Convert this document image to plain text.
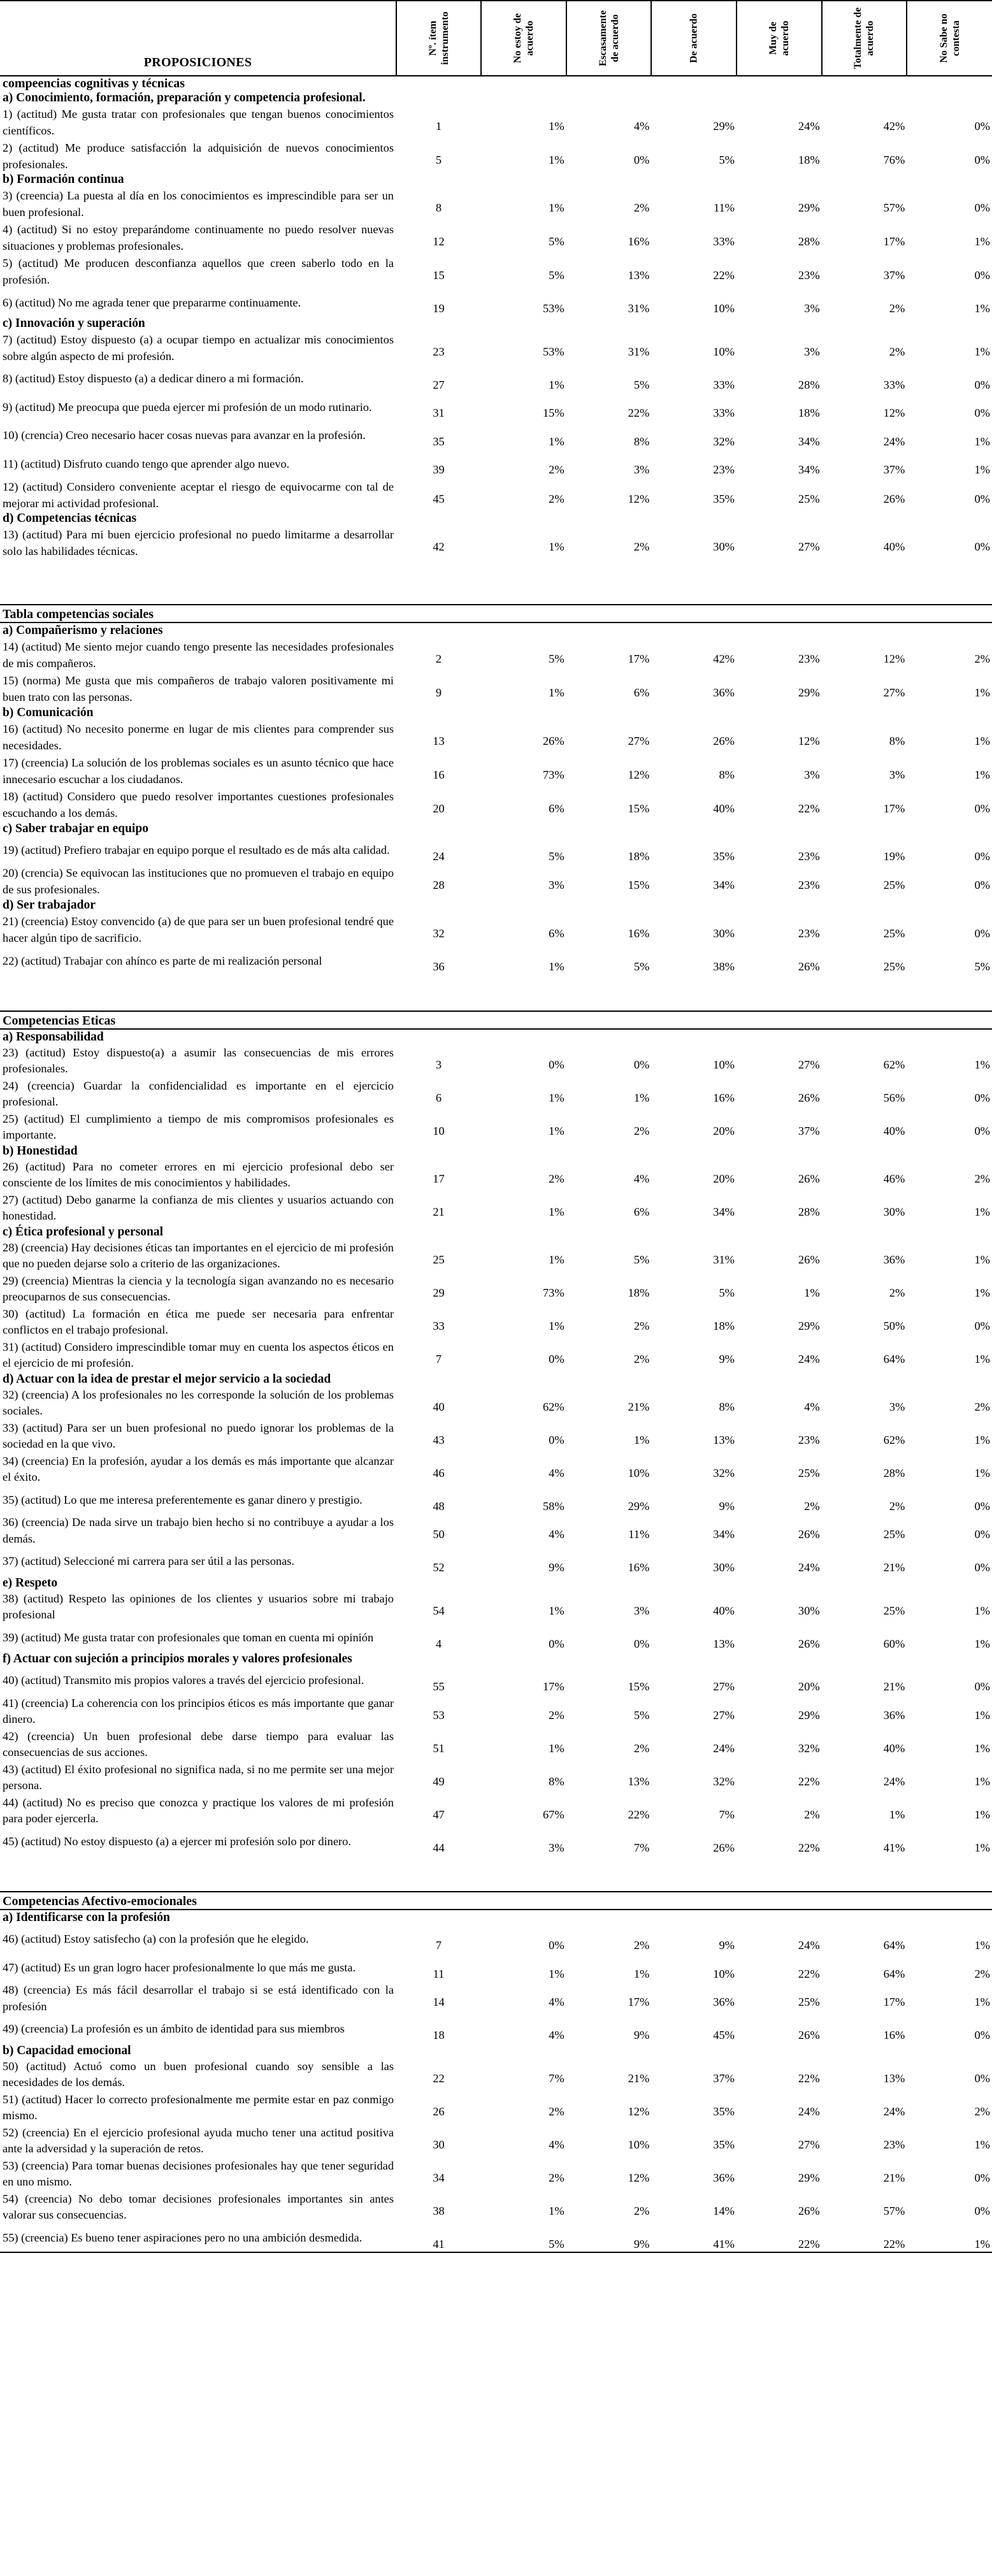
PROPOSICIONES	Nº. ítem instrumento	No estoy de acuerdo	Escasamente de acuerdo	De acuerdo	Muy de acuerdo	Totalmente de acuerdo	No Sabe no contesta

compeencias cognitivas y técnicas							
a) Conocimiento, formación, preparación y competencia profesional.							
1) (actitud) Me gusta tratar con profesionales que tengan buenos conocimientos científicos.	1	1%	4%	29%	24%	42%	0%
2) (actitud) Me produce satisfacción la adquisición de nuevos conocimientos profesionales.	5	1%	0%	5%	18%	76%	0%
b) Formación continua							
3) (creencia) La puesta al día en los conocimientos es imprescindible para ser un buen profesional.	8	1%	2%	11%	29%	57%	0%
4) (actitud) Si no estoy preparándome continuamente no puedo resolver nuevas situaciones y problemas profesionales.	12	5%	16%	33%	28%	17%	1%
5) (actitud) Me producen desconfianza aquellos que creen saberlo todo en la profesión.	15	5%	13%	22%	23%	37%	0%
6) (actitud) No me agrada tener que prepararme continuamente.	19	53%	31%	10%	3%	2%	1%
c) Innovación y superación							
7) (actitud) Estoy dispuesto (a) a ocupar tiempo en actualizar mis conocimientos sobre algún aspecto de mi profesión.	23	53%	31%	10%	3%	2%	1%
8) (actitud) Estoy dispuesto (a) a dedicar dinero a mi formación.	27	1%	5%	33%	28%	33%	0%
9) (actitud) Me preocupa que pueda ejercer mi profesión de un modo rutinario.	31	15%	22%	33%	18%	12%	0%
10) (crencia) Creo necesario hacer cosas nuevas para avanzar en la profesión.	35	1%	8%	32%	34%	24%	1%
11) (actitud) Disfruto cuando tengo que aprender algo nuevo.	39	2%	3%	23%	34%	37%	1%
12) (actitud) Considero conveniente aceptar el riesgo de equivocarme con tal de mejorar mi actividad profesional.	45	2%	12%	35%	25%	26%	0%
d) Competencias técnicas							
13) (actitud) Para mi buen ejercicio profesional no puedo limitarme a desarrollar solo las habilidades técnicas.	42	1%	2%	30%	27%	40%	0%

Tabla competencias sociales							
a) Compañerismo y relaciones							
14) (actitud) Me siento mejor cuando tengo presente las necesidades profesionales de mis compañeros.	2	5%	17%	42%	23%	12%	2%
15) (norma) Me gusta que mis compañeros de trabajo valoren positivamente mi buen trato con las personas.	9	1%	6%	36%	29%	27%	1%
b) Comunicación							
16) (actitud) No necesito ponerme en lugar de mis clientes para comprender sus necesidades.	13	26%	27%	26%	12%	8%	1%
17) (creencia) La solución de los problemas sociales es un asunto técnico que hace innecesario escuchar a los ciudadanos.	16	73%	12%	8%	3%	3%	1%
18) (actitud) Considero que puedo resolver importantes cuestiones profesionales escuchando a los demás.	20	6%	15%	40%	22%	17%	0%
c) Saber trabajar en equipo							
19) (actitud) Prefiero trabajar en equipo porque el resultado es de más alta calidad.	24	5%	18%	35%	23%	19%	0%
20) (crencia) Se equivocan las instituciones que no promueven el trabajo en equipo de sus profesionales.	28	3%	15%	34%	23%	25%	0%
d) Ser trabajador							
21) (creencia) Estoy convencido (a) de que para ser un buen profesional tendré que hacer algún tipo de sacrificio.	32	6%	16%	30%	23%	25%	0%
22) (actitud) Trabajar con ahínco es parte de mi realización personal	36	1%	5%	38%	26%	25%	5%

Competencias Eticas							
a) Responsabilidad							
23) (actitud) Estoy dispuesto(a) a asumir las consecuencias de mis errores profesionales.	3	0%	0%	10%	27%	62%	1%
24) (creencia) Guardar la confidencialidad es importante en el ejercicio profesional.	6	1%	1%	16%	26%	56%	0%
25) (actitud) El cumplimiento a tiempo de mis compromisos profesionales es importante.	10	1%	2%	20%	37%	40%	0%
b) Honestidad							
26) (actitud) Para no cometer errores en mi ejercicio profesional debo ser consciente de los límites de mis conocimientos y habilidades.	17	2%	4%	20%	26%	46%	2%
27) (actitud) Debo ganarme la confianza de mis clientes y usuarios actuando con honestidad.	21	1%	6%	34%	28%	30%	1%
c) Ética profesional y personal							
28) (creencia) Hay decisiones éticas tan importantes en el ejercicio de mi profesión que no pueden dejarse solo a criterio de las organizaciones.	25	1%	5%	31%	26%	36%	1%
29) (creencia) Mientras la ciencia y la tecnología sigan avanzando no es necesario preocuparnos de sus consecuencias.	29	73%	18%	5%	1%	2%	1%
30) (actitud) La formación en ética me puede ser necesaria para enfrentar conflictos en el trabajo profesional.	33	1%	2%	18%	29%	50%	0%
31) (actitud) Considero imprescindible tomar muy en cuenta los aspectos éticos en el ejercicio de mi profesión.	7	0%	2%	9%	24%	64%	1%
d) Actuar con la idea de prestar el mejor servicio a la sociedad							
32) (creencia) A los profesionales no les corresponde la solución de los problemas sociales.	40	62%	21%	8%	4%	3%	2%
33) (actitud) Para ser un buen profesional no puedo ignorar los problemas de la sociedad en la que vivo.	43	0%	1%	13%	23%	62%	1%
34) (creencia) En la profesión, ayudar a los demás es más importante que alcanzar el éxito.	46	4%	10%	32%	25%	28%	1%
35) (actitud) Lo que me interesa preferentemente es ganar dinero y prestigio.	48	58%	29%	9%	2%	2%	0%
36) (creencia) De nada sirve un trabajo bien hecho si no contribuye a ayudar a los demás.	50	4%	11%	34%	26%	25%	0%
37) (actitud) Seleccioné mi carrera para ser útil a las personas.	52	9%	16%	30%	24%	21%	0%
e) Respeto							
38) (actitud) Respeto las opiniones de los clientes y usuarios sobre mi trabajo profesional	54	1%	3%	40%	30%	25%	1%
39) (actitud) Me gusta tratar con profesionales que toman en cuenta mi opinión	4	0%	0%	13%	26%	60%	1%
f) Actuar con sujeción a principios morales y valores profesionales							
40) (actitud) Transmito mis propios valores a través del ejercicio profesional.	55	17%	15%	27%	20%	21%	0%
41) (creencia) La coherencia con los principios éticos es más importante que ganar dinero.	53	2%	5%	27%	29%	36%	1%
42) (creencia) Un buen profesional debe darse tiempo para evaluar las consecuencias de sus acciones.	51	1%	2%	24%	32%	40%	1%
43) (actitud) El éxito profesional no significa nada, si no me permite ser una mejor persona.	49	8%	13%	32%	22%	24%	1%
44) (actitud) No es preciso que conozca y practique los valores de mi profesión para poder ejercerla.	47	67%	22%	7%	2%	1%	1%
45) (actitud) No estoy dispuesto (a) a ejercer mi profesión solo por dinero.	44	3%	7%	26%	22%	41%	1%

Competencias Afectivo-emocionales							
a) Identificarse con la profesión							
46) (actitud) Estoy satisfecho (a) con la profesión que he elegido.	7	0%	2%	9%	24%	64%	1%
47) (actitud) Es un gran logro hacer profesionalmente lo que más me gusta.	11	1%	1%	10%	22%	64%	2%
48) (creencia) Es más fácil desarrollar el trabajo si se está identificado con la profesión	14	4%	17%	36%	25%	17%	1%
49) (creencia) La profesión es un ámbito de identidad para sus miembros	18	4%	9%	45%	26%	16%	0%
b) Capacidad emocional							
50) (actitud) Actuó como un buen profesional cuando soy sensible a las necesidades de los demás.	22	7%	21%	37%	22%	13%	0%
51) (actitud) Hacer lo correcto profesionalmente me permite estar en paz conmigo mismo.	26	2%	12%	35%	24%	24%	2%
52) (creencia) En el ejercicio profesional ayuda mucho tener una actitud positiva ante la adversidad y la superación de retos.	30	4%	10%	35%	27%	23%	1%
53) (creencia) Para tomar buenas decisiones profesionales hay que tener seguridad en uno mismo.	34	2%	12%	36%	29%	21%	0%
54) (creencia) No debo tomar decisiones profesionales importantes sin antes valorar sus consecuencias.	38	1%	2%	14%	26%	57%	0%
55) (creencia) Es bueno tener aspiraciones pero no una ambición desmedida.	41	5%	9%	41%	22%	22%	1%
